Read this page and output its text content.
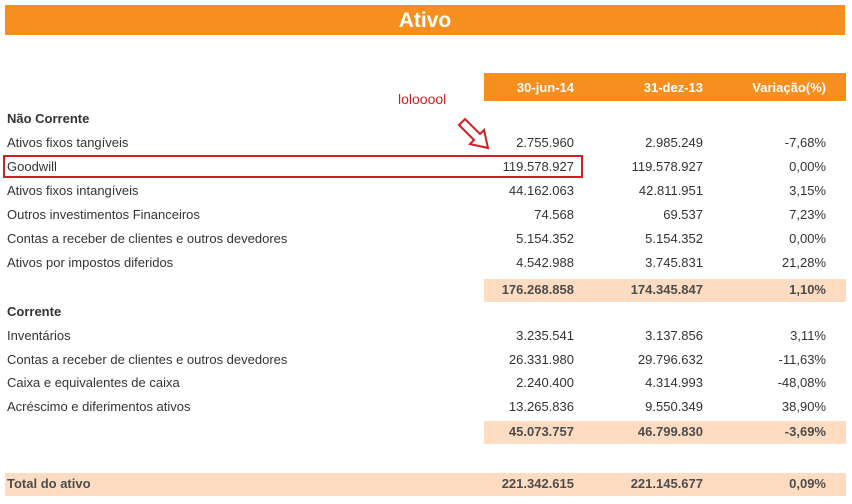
Ativo
30-jun-14	31-dez-13	Variação(%)
lolooool
Não Corrente
Ativos fixos tangíveis	2.755.960	2.985.249	-7,68%
Goodwill	119.578.927	119.578.927	0,00%
Ativos fixos intangíveis	44.162.063	42.811.951	3,15%
Outros investimentos Financeiros	74.568	69.537	7,23%
Contas a receber de clientes e outros devedores	5.154.352	5.154.352	0,00%
Ativos por impostos diferidos	4.542.988	3.745.831	21,28%
176.268.858	174.345.847	1,10%
Corrente
Inventários	3.235.541	3.137.856	3,11%
Contas a receber de clientes e outros devedores	26.331.980	29.796.632	-11,63%
Caixa e equivalentes de caixa	2.240.400	4.314.993	-48,08%
Acréscimo e diferimentos ativos	13.265.836	9.550.349	38,90%
45.073.757	46.799.830	-3,69%
Total do ativo	221.342.615	221.145.677	0,09%
